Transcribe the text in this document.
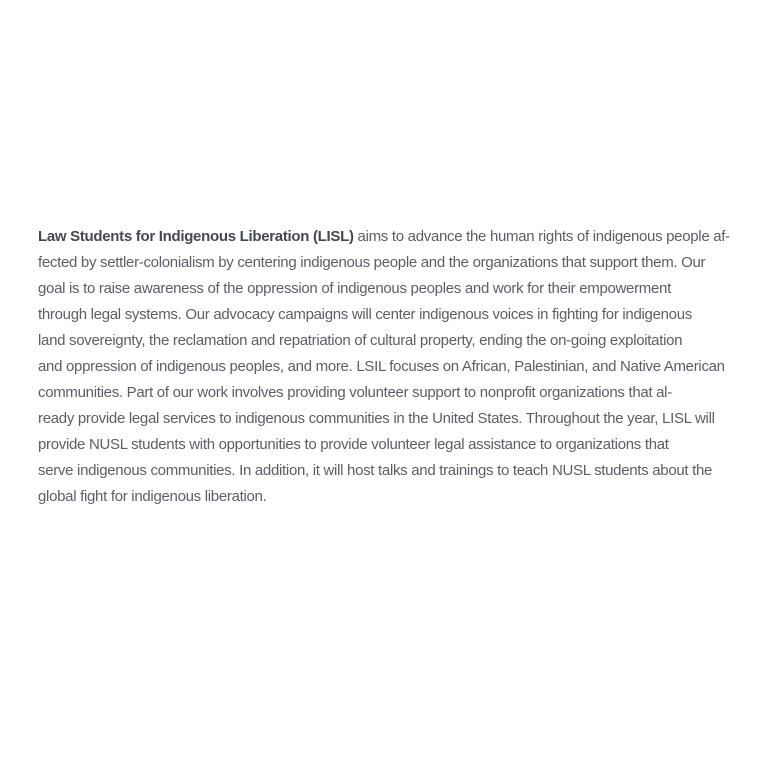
Law Students for Indigenous Liberation (LISL) aims to advance the human rights of indigenous people af-
fected by settler-colonialism by centering indigenous people and the organizations that support them. Our
goal is to raise awareness of the oppression of indigenous peoples and work for their empowerment
through legal systems. Our advocacy campaigns will center indigenous voices in fighting for indigenous
land sovereignty, the reclamation and repatriation of cultural property, ending the on-going exploitation
and oppression of indigenous peoples, and more. LSIL focuses on African, Palestinian, and Native American
communities. Part of our work involves providing volunteer support to nonprofit organizations that al-
ready provide legal services to indigenous communities in the United States. Throughout the year, LISL will
provide NUSL students with opportunities to provide volunteer legal assistance to organizations that
serve indigenous communities. In addition, it will host talks and trainings to teach NUSL students about the
global fight for indigenous liberation.
